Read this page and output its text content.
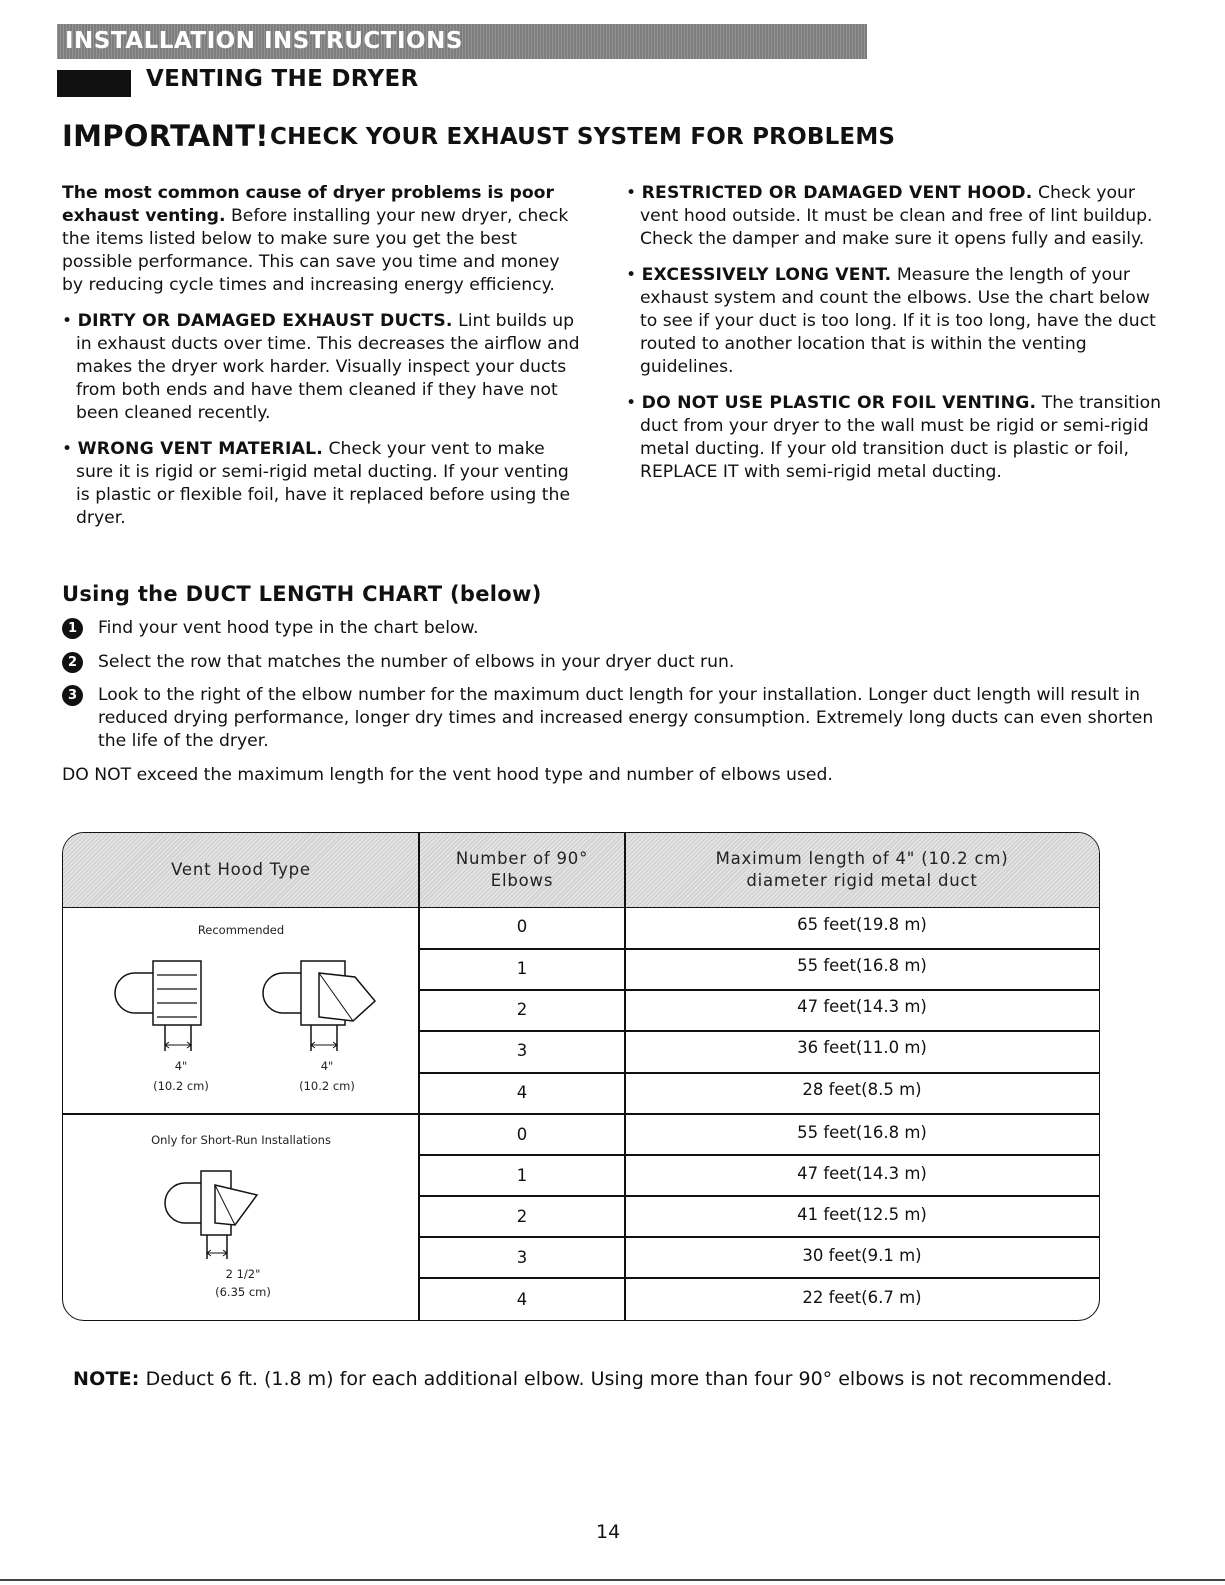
INSTALLATION INSTRUCTIONS
VENTING THE DRYER
IMPORTANT! CHECK YOUR EXHAUST SYSTEM FOR PROBLEMS

The most common cause of dryer problems is poor exhaust venting. Before installing your new dryer, check the items listed below to make sure you get the best possible performance. This can save you time and money by reducing cycle times and increasing energy efficiency.

• DIRTY OR DAMAGED EXHAUST DUCTS. Lint builds up in exhaust ducts over time. This decreases the airflow and makes the dryer work harder. Visually inspect your ducts from both ends and have them cleaned if they have not been cleaned recently.

• WRONG VENT MATERIAL. Check your vent to make sure it is rigid or semi-rigid metal ducting. If your venting is plastic or flexible foil, have it replaced before using the dryer.

• RESTRICTED OR DAMAGED VENT HOOD. Check your vent hood outside. It must be clean and free of lint buildup. Check the damper and make sure it opens fully and easily.

• EXCESSIVELY LONG VENT. Measure the length of your exhaust system and count the elbows. Use the chart below to see if your duct is too long. If it is too long, have the duct routed to another location that is within the venting guidelines.

• DO NOT USE PLASTIC OR FOIL VENTING. The transition duct from your dryer to the wall must be rigid or semi-rigid metal ducting. If your old transition duct is plastic or foil, REPLACE IT with semi-rigid metal ducting.

Using the DUCT LENGTH CHART (below)
1	Find your vent hood type in the chart below.
2	Select the row that matches the number of elbows in your dryer duct run.
3	Look to the right of the elbow number for the maximum duct length for your installation. Longer duct length will result in reduced drying performance, longer dry times and increased energy consumption. Extremely long ducts can even shorten the life of the dryer.
DO NOT exceed the maximum length for the vent hood type and number of elbows used.
Vent Hood Type
Number of 90°
Elbows
Maximum length of 4" (10.2 cm)
diameter rigid metal duct
Recommended
4"
(10.2 cm)
4"
(10.2 cm)
0	65 feet(19.8 m)
1	55 feet(16.8 m)
2	47 feet(14.3 m)
3	36 feet(11.0 m)
4	28 feet(8.5 m)
Only for Short-Run Installations
2 1/2"
(6.35 cm)
0	55 feet(16.8 m)
1	47 feet(14.3 m)
2	41 feet(12.5 m)
3	30 feet(9.1 m)
4	22 feet(6.7 m)
NOTE: Deduct 6 ft. (1.8 m) for each additional elbow. Using more than four 90° elbows is not recommended.
14
